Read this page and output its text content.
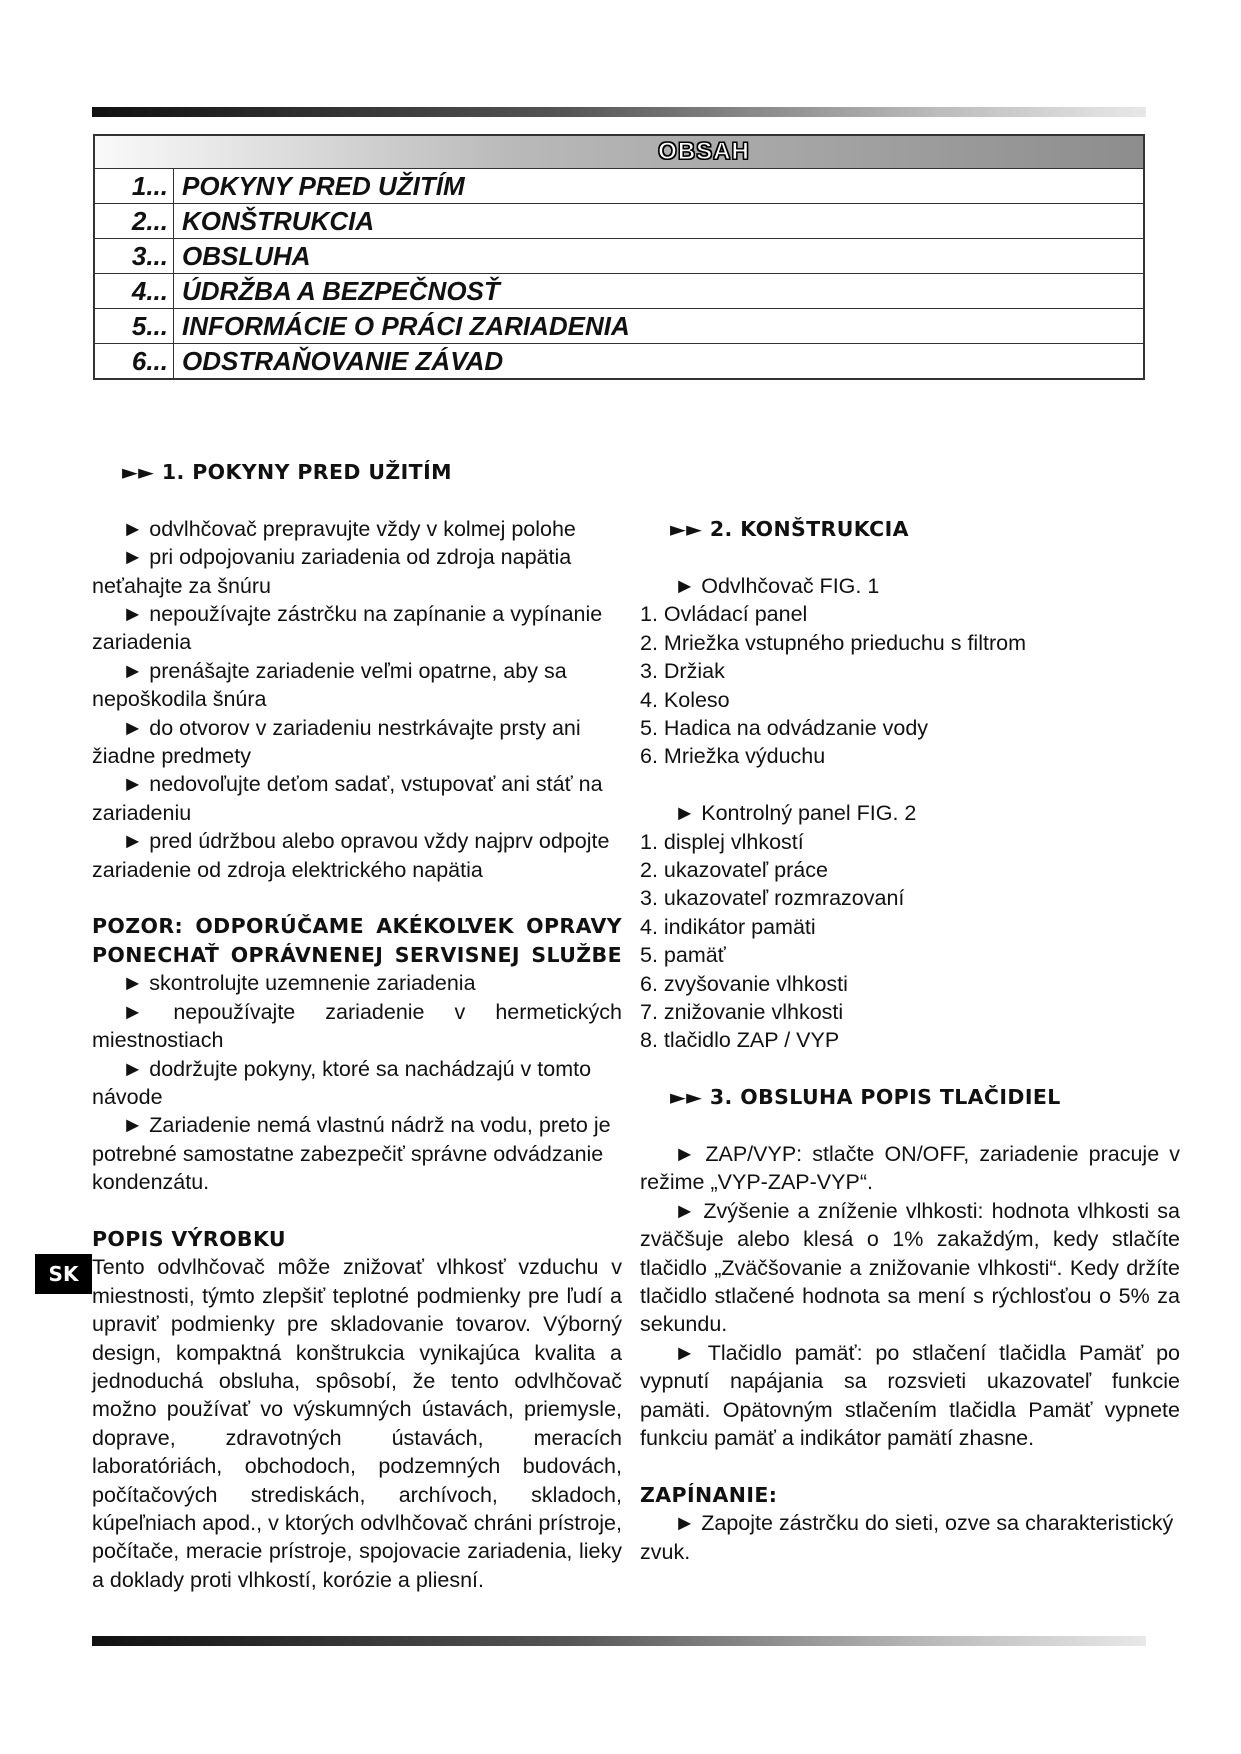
OBSAH	
1...	POKYNY PRED UŽITÍM
2...	KONŠTRUKCIA
3...	OBSLUHA
4...	ÚDRŽBA A BEZPEČNOSŤ
5...	INFORMÁCIE O PRÁCI ZARIADENIA
6...	ODSTRAŇOVANIE ZÁVAD
►► 1. POKYNY PRED UŽITÍM

► odvlhčovač prepravujte vždy v kolmej polohe

► pri odpojovaniu zariadenia od zdroja napätia neťahajte za šnúru

► nepoužívajte zástrčku na zapínanie a vypínanie zariadenia

► prenášajte zariadenie veľmi opatrne, aby sa nepoškodila šnúra

► do otvorov v zariadeniu nestrkávajte prsty ani žiadne predmety

► nedovoľujte deťom sadať, vstupovať ani stáť na zariadeniu

► pred údržbou alebo opravou vždy najprv odpojte zariadenie od zdroja elektrického napätia

POZOR: ODPORÚČAME AKÉKOĽVEK OPRAVY PONECHAŤ OPRÁVNENEJ SERVISNEJ SLUŽBE

► skontrolujte uzemnenie zariadenia

► nepoužívajte zariadenie v hermetických miestnostiach

► dodržujte pokyny, ktoré sa nachádzajú v tomto návode

► Zariadenie nemá vlastnú nádrž na vodu, preto je potrebné samostatne zabezpečiť správne odvádzanie kondenzátu.

POPIS VÝROBKU

Tento odvlhčovač môže znižovať vlhkosť vzduchu v miestnosti, týmto zlepšiť teplotné podmienky pre ľudí a upraviť podmienky pre skladovanie tovarov. Výborný design, kompaktná konštrukcia vynikajúca kvalita a jednoduchá obsluha, spôsobí, že tento odvlhčovač možno používať vo výskumných ústavách, priemysle, doprave, zdravotných ústavách, meracích laboratóriách, obchodoch, podzemných budovách, počítačových strediskách, archívoch, skladoch, kúpeľniach apod., v ktorých odvlhčovač chráni prístroje, počítače, meracie prístroje, spojovacie zariadenia, lieky a doklady proti vlhkostí, korózie a pliesní.

►► 2. KONŠTRUKCIA

► Odvlhčovač FIG. 1

1. Ovládací panel

2. Mriežka vstupného prieduchu s filtrom

3. Držiak

4. Koleso

5. Hadica na odvádzanie vody

6. Mriežka výduchu

► Kontrolný panel FIG. 2

1. displej vlhkostí

2. ukazovateľ práce

3. ukazovateľ rozmrazovaní

4. indikátor pamäti

5. pamäť

6. zvyšovanie vlhkosti

7. znižovanie vlhkosti

8. tlačidlo ZAP / VYP

►► 3. OBSLUHA POPIS TLAČIDIEL

► ZAP/VYP: stlačte ON/OFF, zariadenie pracuje v režime „VYP-ZAP-VYP“.

► Zvýšenie a zníženie vlhkosti: hodnota vlhkosti sa zväčšuje alebo klesá o 1% zakaždým, kedy stlačíte tlačidlo „Zväčšovanie a znižovanie vlhkosti“. Kedy držíte tlačidlo stlačené hodnota sa mení s rýchlosťou o 5% za sekundu.

► Tlačidlo pamäť: po stlačení tlačidla Pamäť po vypnutí napájania sa rozsvieti ukazovateľ funkcie pamäti. Opätovným stlačením tlačidla Pamäť vypnete funkciu pamäť a indikátor pamätí zhasne.

ZAPÍNANIE:

► Zapojte zástrčku do sieti, ozve sa charakteristický zvuk.

SK
